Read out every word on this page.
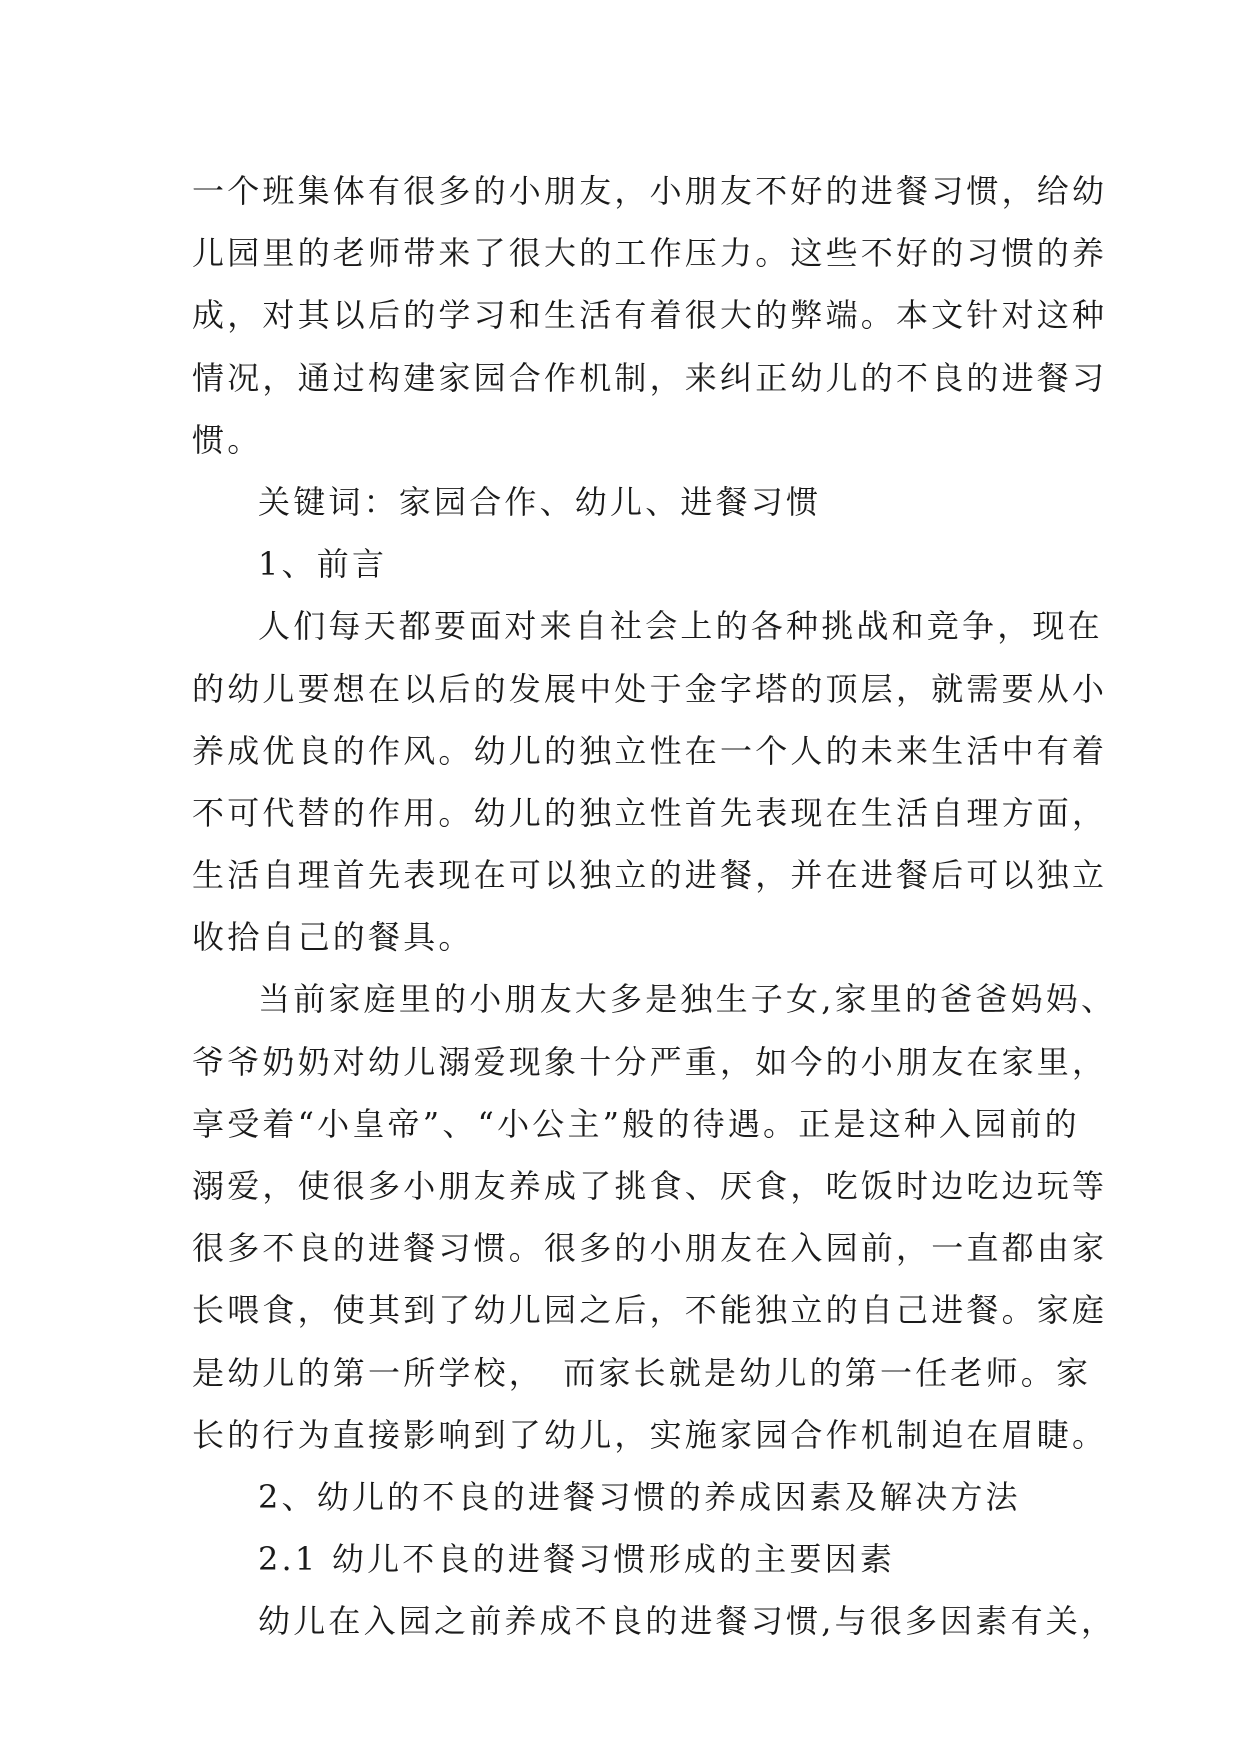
一个班集体有很多的小朋友，小朋友不好的进餐习惯，给幼
儿园里的老师带来了很大的工作压力。这些不好的习惯的养
成，对其以后的学习和生活有着很大的弊端。本文针对这种
情况，通过构建家园合作机制，来纠正幼儿的不良的进餐习
惯。
关键词：家园合作、幼儿、进餐习惯
1、前言
人们每天都要面对来自社会上的各种挑战和竞争，现在
的幼儿要想在以后的发展中处于金字塔的顶层，就需要从小
养成优良的作风。幼儿的独立性在一个人的未来生活中有着
不可代替的作用。幼儿的独立性首先表现在生活自理方面，
生活自理首先表现在可以独立的进餐，并在进餐后可以独立
收拾自己的餐具。
当前家庭里的小朋友大多是独生子女,家里的爸爸妈妈、
爷爷奶奶对幼儿溺爱现象十分严重，如今的小朋友在家里，
享受着“小皇帝”、“小公主”般的待遇。正是这种入园前的
溺爱，使很多小朋友养成了挑食、厌食，吃饭时边吃边玩等
很多不良的进餐习惯。很多的小朋友在入园前，一直都由家
长喂食，使其到了幼儿园之后，不能独立的自己进餐。家庭
是幼儿的第一所学校，　而家长就是幼儿的第一任老师。家
长的行为直接影响到了幼儿，实施家园合作机制迫在眉睫。
2、幼儿的不良的进餐习惯的养成因素及解决方法
2.1 幼儿不良的进餐习惯形成的主要因素
幼儿在入园之前养成不良的进餐习惯,与很多因素有关，
